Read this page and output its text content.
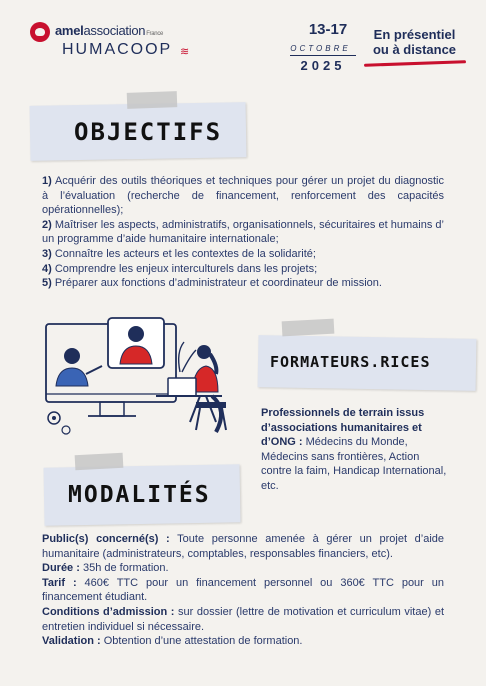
amelassociationFrance
HUMACOOP ≋
13-17
OCTOBRE
2025
En présentiel
ou à distance
OBJECTIFS

1) Acquérir des outils théoriques et techniques pour gérer un projet du diagnostic à l’évaluation (recherche de financement, renforcement des capacités opérationnelles);

2) Maîtriser les aspects, administratifs, organisationnels, sécuritaires et humains d’ un programme d’aide humanitaire internationale;

3) Connaître les acteurs et les contextes de la solidarité;

4) Comprendre les enjeux interculturels dans les projets;

5) Préparer aux fonctions d’administrateur et coordinateur de mission.

FORMATEURS.RICES
Professionnels de terrain issus d’associations humanitaires et d’ONG : Médecins du Monde, Médecins sans frontières, Action contre la faim, Handicap International, etc.
MODALITÉS

Public(s) concerné(s) : Toute personne amenée à gérer un projet d’aide humanitaire (administrateurs, comptables, responsables financiers, etc).

Durée : 35h de formation.

Tarif : 460€ TTC pour un financement personnel ou 360€ TTC pour un financement étudiant.

Conditions d’admission : sur dossier (lettre de motivation et curriculum vitae) et entretien individuel si nécessaire.

Validation : Obtention d’une attestation de formation.
